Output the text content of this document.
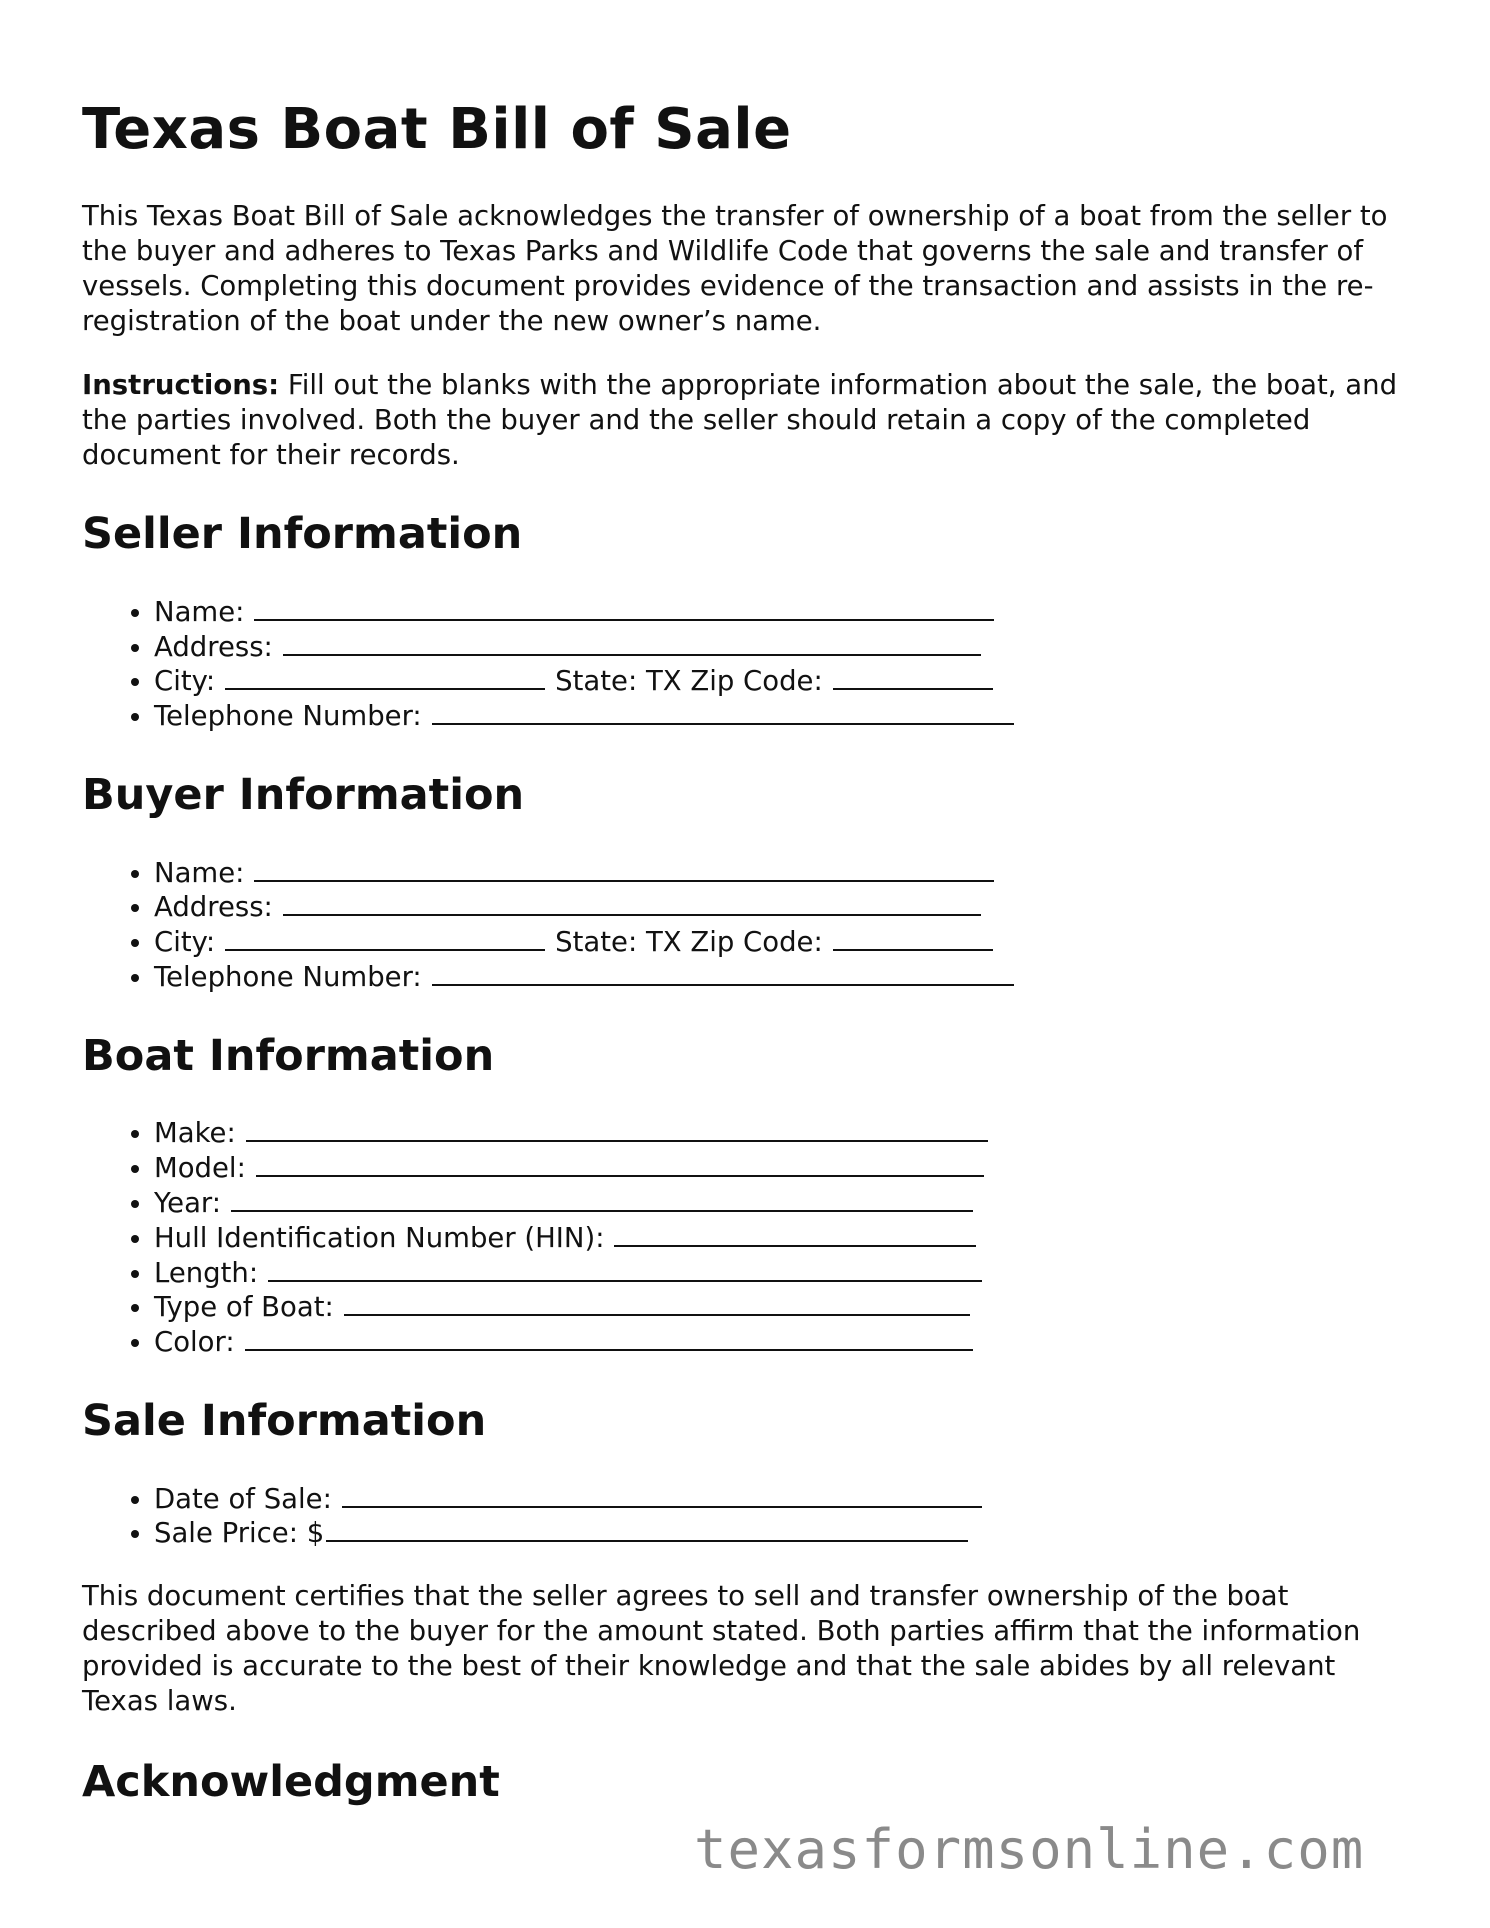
Texas Boat Bill of Sale

This Texas Boat Bill of Sale acknowledges the transfer of ownership of a boat from the seller to the buyer and adheres to Texas Parks and Wildlife Code that governs the sale and transfer of vessels. Completing this document provides evidence of the transaction and assists in the re-registration of the boat under the new owner’s name.

Instructions: Fill out the blanks with the appropriate information about the sale, the boat, and the parties involved. Both the buyer and the seller should retain a copy of the completed document for their records.

Seller Information
• Name:
• Address:
• City:	State: TX Zip Code:
• Telephone Number:
Buyer Information
• Name:
• Address:
• City:	State: TX Zip Code:
• Telephone Number:
Boat Information
• Make:
• Model:
• Year:
• Hull Identification Number (HIN):
• Length:
• Type of Boat:
• Color:
Sale Information
• Date of Sale:
• Sale Price: $

This document certifies that the seller agrees to sell and transfer ownership of the boat described above to the buyer for the amount stated. Both parties affirm that the information provided is accurate to the best of their knowledge and that the sale abides by all relevant Texas laws.

Acknowledgment
texasformsonline.com
